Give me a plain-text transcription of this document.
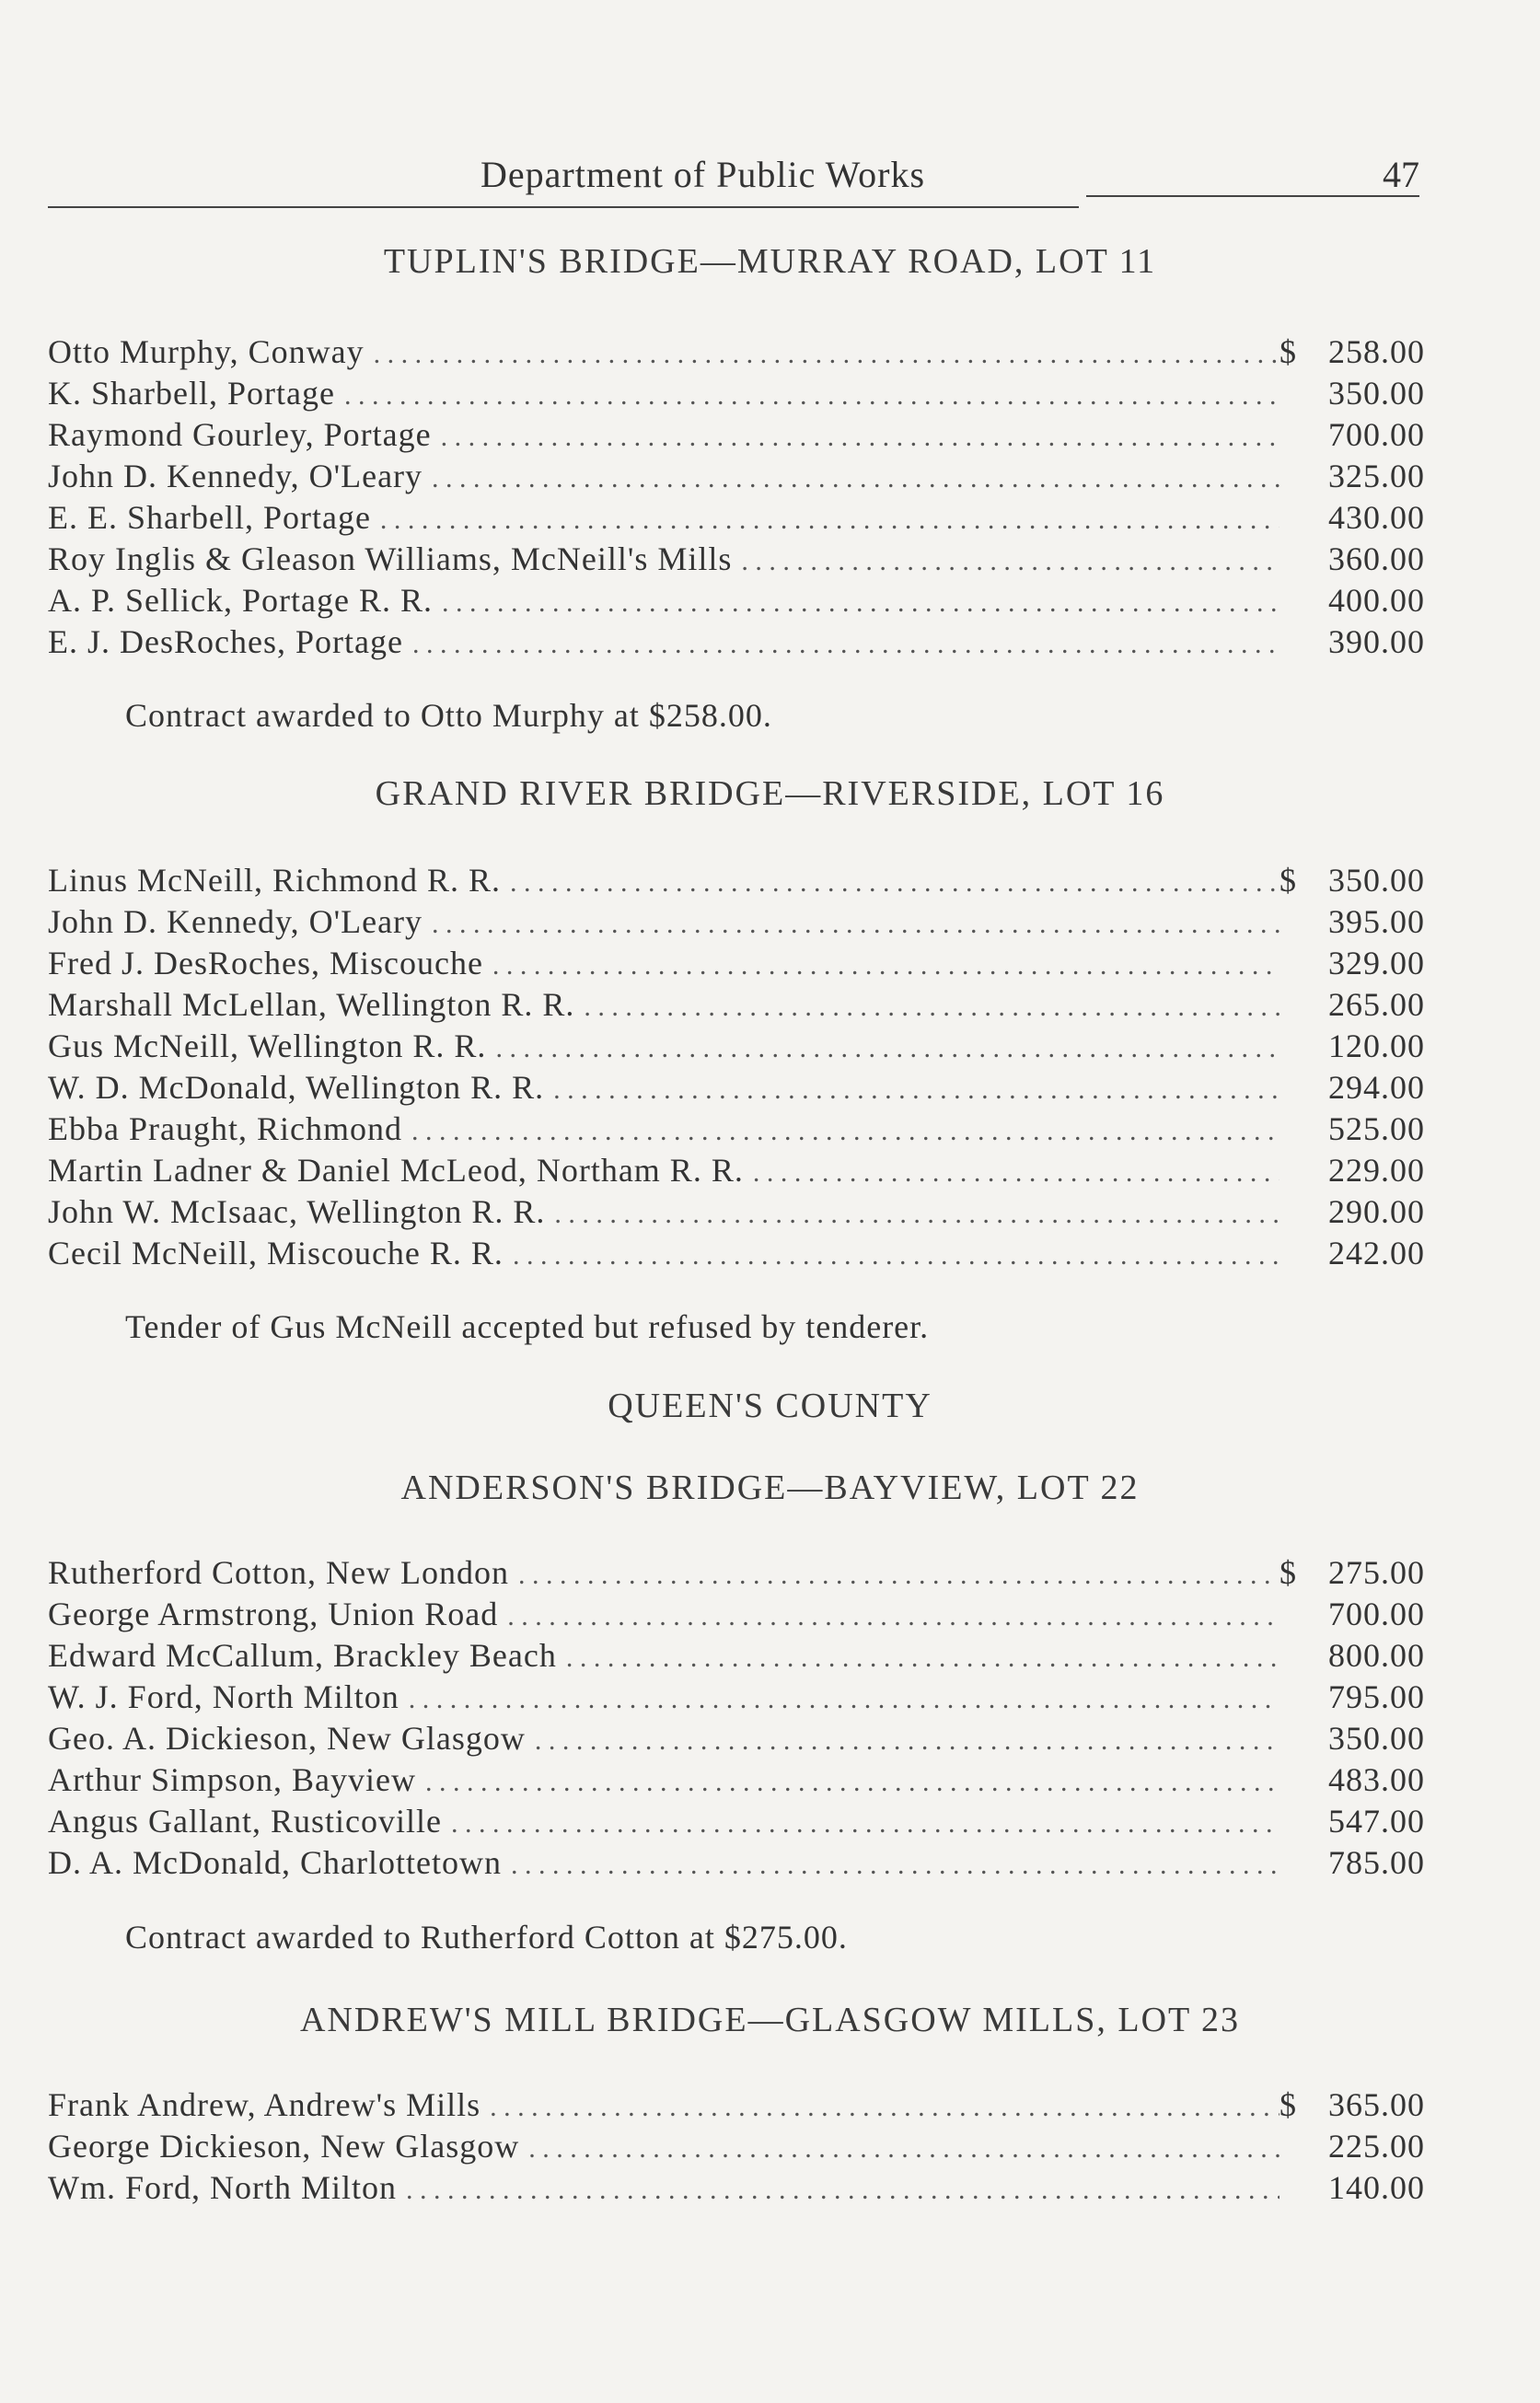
Department of Public Works	47
TUPLIN'S BRIDGE—MURRAY ROAD, LOT 11
Otto Murphy, Conway . . .	$ 258.00
K. Sharbell, Portage . . .	350.00
Raymond Gourley, Portage . . .	700.00
John D. Kennedy, O'Leary . . .	325.00
E. E. Sharbell, Portage . . .	430.00
Roy Inglis & Gleason Williams, McNeill's Mills . . .	360.00
A. P. Sellick, Portage R. R. . . .	400.00
E. J. DesRoches, Portage . . .	390.00

Contract awarded to Otto Murphy at $258.00.

GRAND RIVER BRIDGE—RIVERSIDE, LOT 16
Linus McNeill, Richmond R. R. . . .	$ 350.00
John D. Kennedy, O'Leary . . .	395.00
Fred J. DesRoches, Miscouche . . .	329.00
Marshall McLellan, Wellington R. R. . . .	265.00
Gus McNeill, Wellington R. R. . . .	120.00
W. D. McDonald, Wellington R. R. . . .	294.00
Ebba Praught, Richmond . . .	525.00
Martin Ladner & Daniel McLeod, Northam R. R. . . .	229.00
John W. McIsaac, Wellington R. R. . . .	290.00
Cecil McNeill, Miscouche R. R. . . .	242.00

Tender of Gus McNeill accepted but refused by tenderer.

QUEEN'S COUNTY
ANDERSON'S BRIDGE—BAYVIEW, LOT 22
Rutherford Cotton, New London . . .	$ 275.00
George Armstrong, Union Road . . .	700.00
Edward McCallum, Brackley Beach . . .	800.00
W. J. Ford, North Milton . . .	795.00
Geo. A. Dickieson, New Glasgow . . .	350.00
Arthur Simpson, Bayview . . .	483.00
Angus Gallant, Rusticoville . . .	547.00
D. A. McDonald, Charlottetown . . .	785.00

Contract awarded to Rutherford Cotton at $275.00.

ANDREW'S MILL BRIDGE—GLASGOW MILLS, LOT 23
Frank Andrew, Andrew's Mills . . .	$ 365.00
George Dickieson, New Glasgow . . .	225.00
Wm. Ford, North Milton . . .	140.00
